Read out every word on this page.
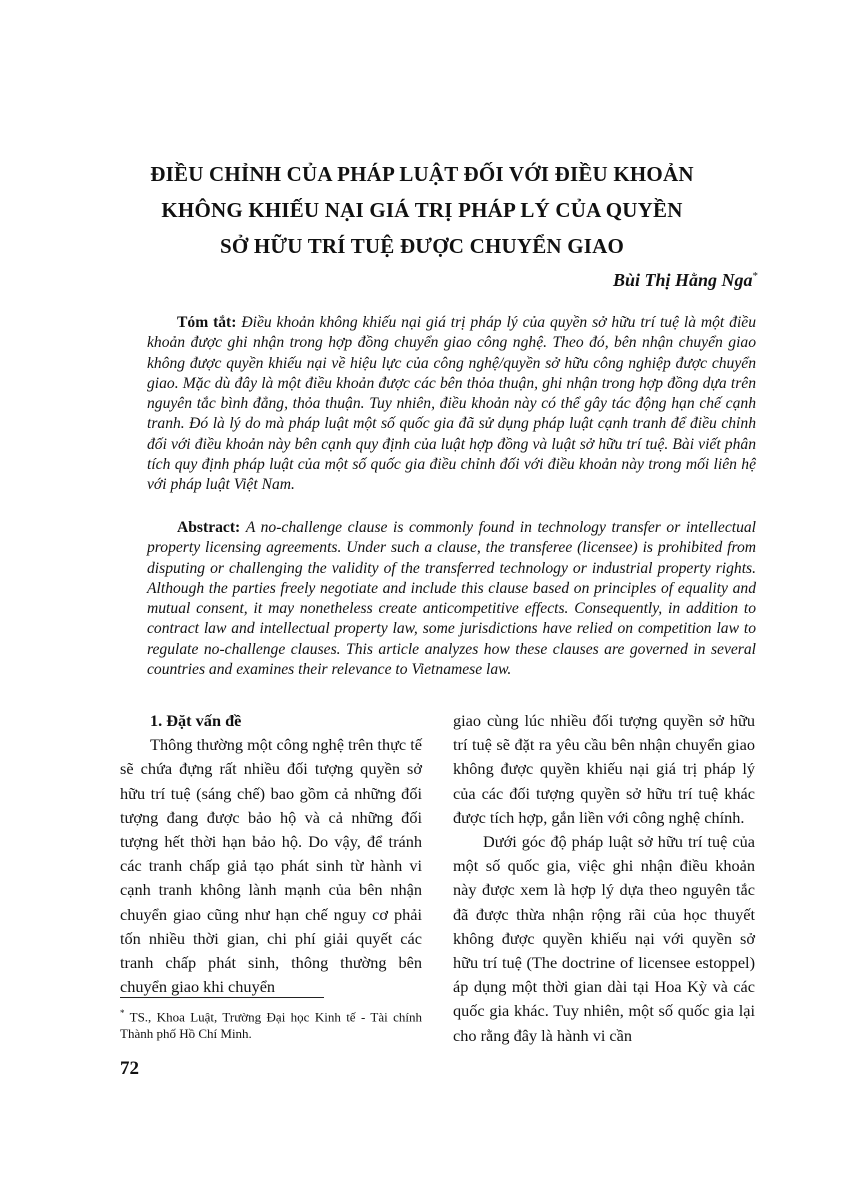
ĐIỀU CHỈNH CỦA PHÁP LUẬT ĐỐI VỚI ĐIỀU KHOẢN
KHÔNG KHIẾU NẠI GIÁ TRỊ PHÁP LÝ CỦA QUYỀN
SỞ HỮU TRÍ TUỆ ĐƯỢC CHUYỂN GIAO
Bùi Thị Hằng Nga*
Tóm tắt: Điều khoản không khiếu nại giá trị pháp lý của quyền sở hữu trí tuệ là một điều khoản được ghi nhận trong hợp đồng chuyển giao công nghệ. Theo đó, bên nhận chuyển giao không được quyền khiếu nại về hiệu lực của công nghệ/quyền sở hữu công nghiệp được chuyển giao. Mặc dù đây là một điều khoản được các bên thỏa thuận, ghi nhận trong hợp đồng dựa trên nguyên tắc bình đẳng, thỏa thuận. Tuy nhiên, điều khoản này có thể gây tác động hạn chế cạnh tranh. Đó là lý do mà pháp luật một số quốc gia đã sử dụng pháp luật cạnh tranh để điều chỉnh đối với điều khoản này bên cạnh quy định của luật hợp đồng và luật sở hữu trí tuệ. Bài viết phân tích quy định pháp luật của một số quốc gia điều chỉnh đối với điều khoản này trong mối liên hệ với pháp luật Việt Nam.
Abstract: A no-challenge clause is commonly found in technology transfer or intellectual property licensing agreements. Under such a clause, the transferee (licensee) is prohibited from disputing or challenging the validity of the transferred technology or industrial property rights. Although the parties freely negotiate and include this clause based on principles of equality and mutual consent, it may nonetheless create anticompetitive effects. Consequently, in addition to contract law and intellectual property law, some jurisdictions have relied on competition law to regulate no-challenge clauses. This article analyzes how these clauses are governed in several countries and examines their relevance to Vietnamese law.

1. Đặt vấn đề

Thông thường một công nghệ trên thực tế sẽ chứa đựng rất nhiều đối tượng quyền sở hữu trí tuệ (sáng chế) bao gồm cả những đối tượng đang được bảo hộ và cả những đối tượng hết thời hạn bảo hộ. Do vậy, để tránh các tranh chấp giả tạo phát sinh từ hành vi cạnh tranh không lành mạnh của bên nhận chuyển giao cũng như hạn chế nguy cơ phải tốn nhiều thời gian, chi phí giải quyết các tranh chấp phát sinh, thông thường bên chuyển giao khi chuyển

giao cùng lúc nhiều đối tượng quyền sở hữu trí tuệ sẽ đặt ra yêu cầu bên nhận chuyển giao không được quyền khiếu nại giá trị pháp lý của các đối tượng quyền sở hữu trí tuệ khác được tích hợp, gắn liền với công nghệ chính.

Dưới góc độ pháp luật sở hữu trí tuệ của một số quốc gia, việc ghi nhận điều khoản này được xem là hợp lý dựa theo nguyên tắc đã được thừa nhận rộng rãi của học thuyết không được quyền khiếu nại với quyền sở hữu trí tuệ (The doctrine of licensee estoppel) áp dụng một thời gian dài tại Hoa Kỳ và các quốc gia khác. Tuy nhiên, một số quốc gia lại cho rằng đây là hành vi cần

* TS., Khoa Luật, Trường Đại học Kinh tế - Tài chính Thành phố Hồ Chí Minh.
72
